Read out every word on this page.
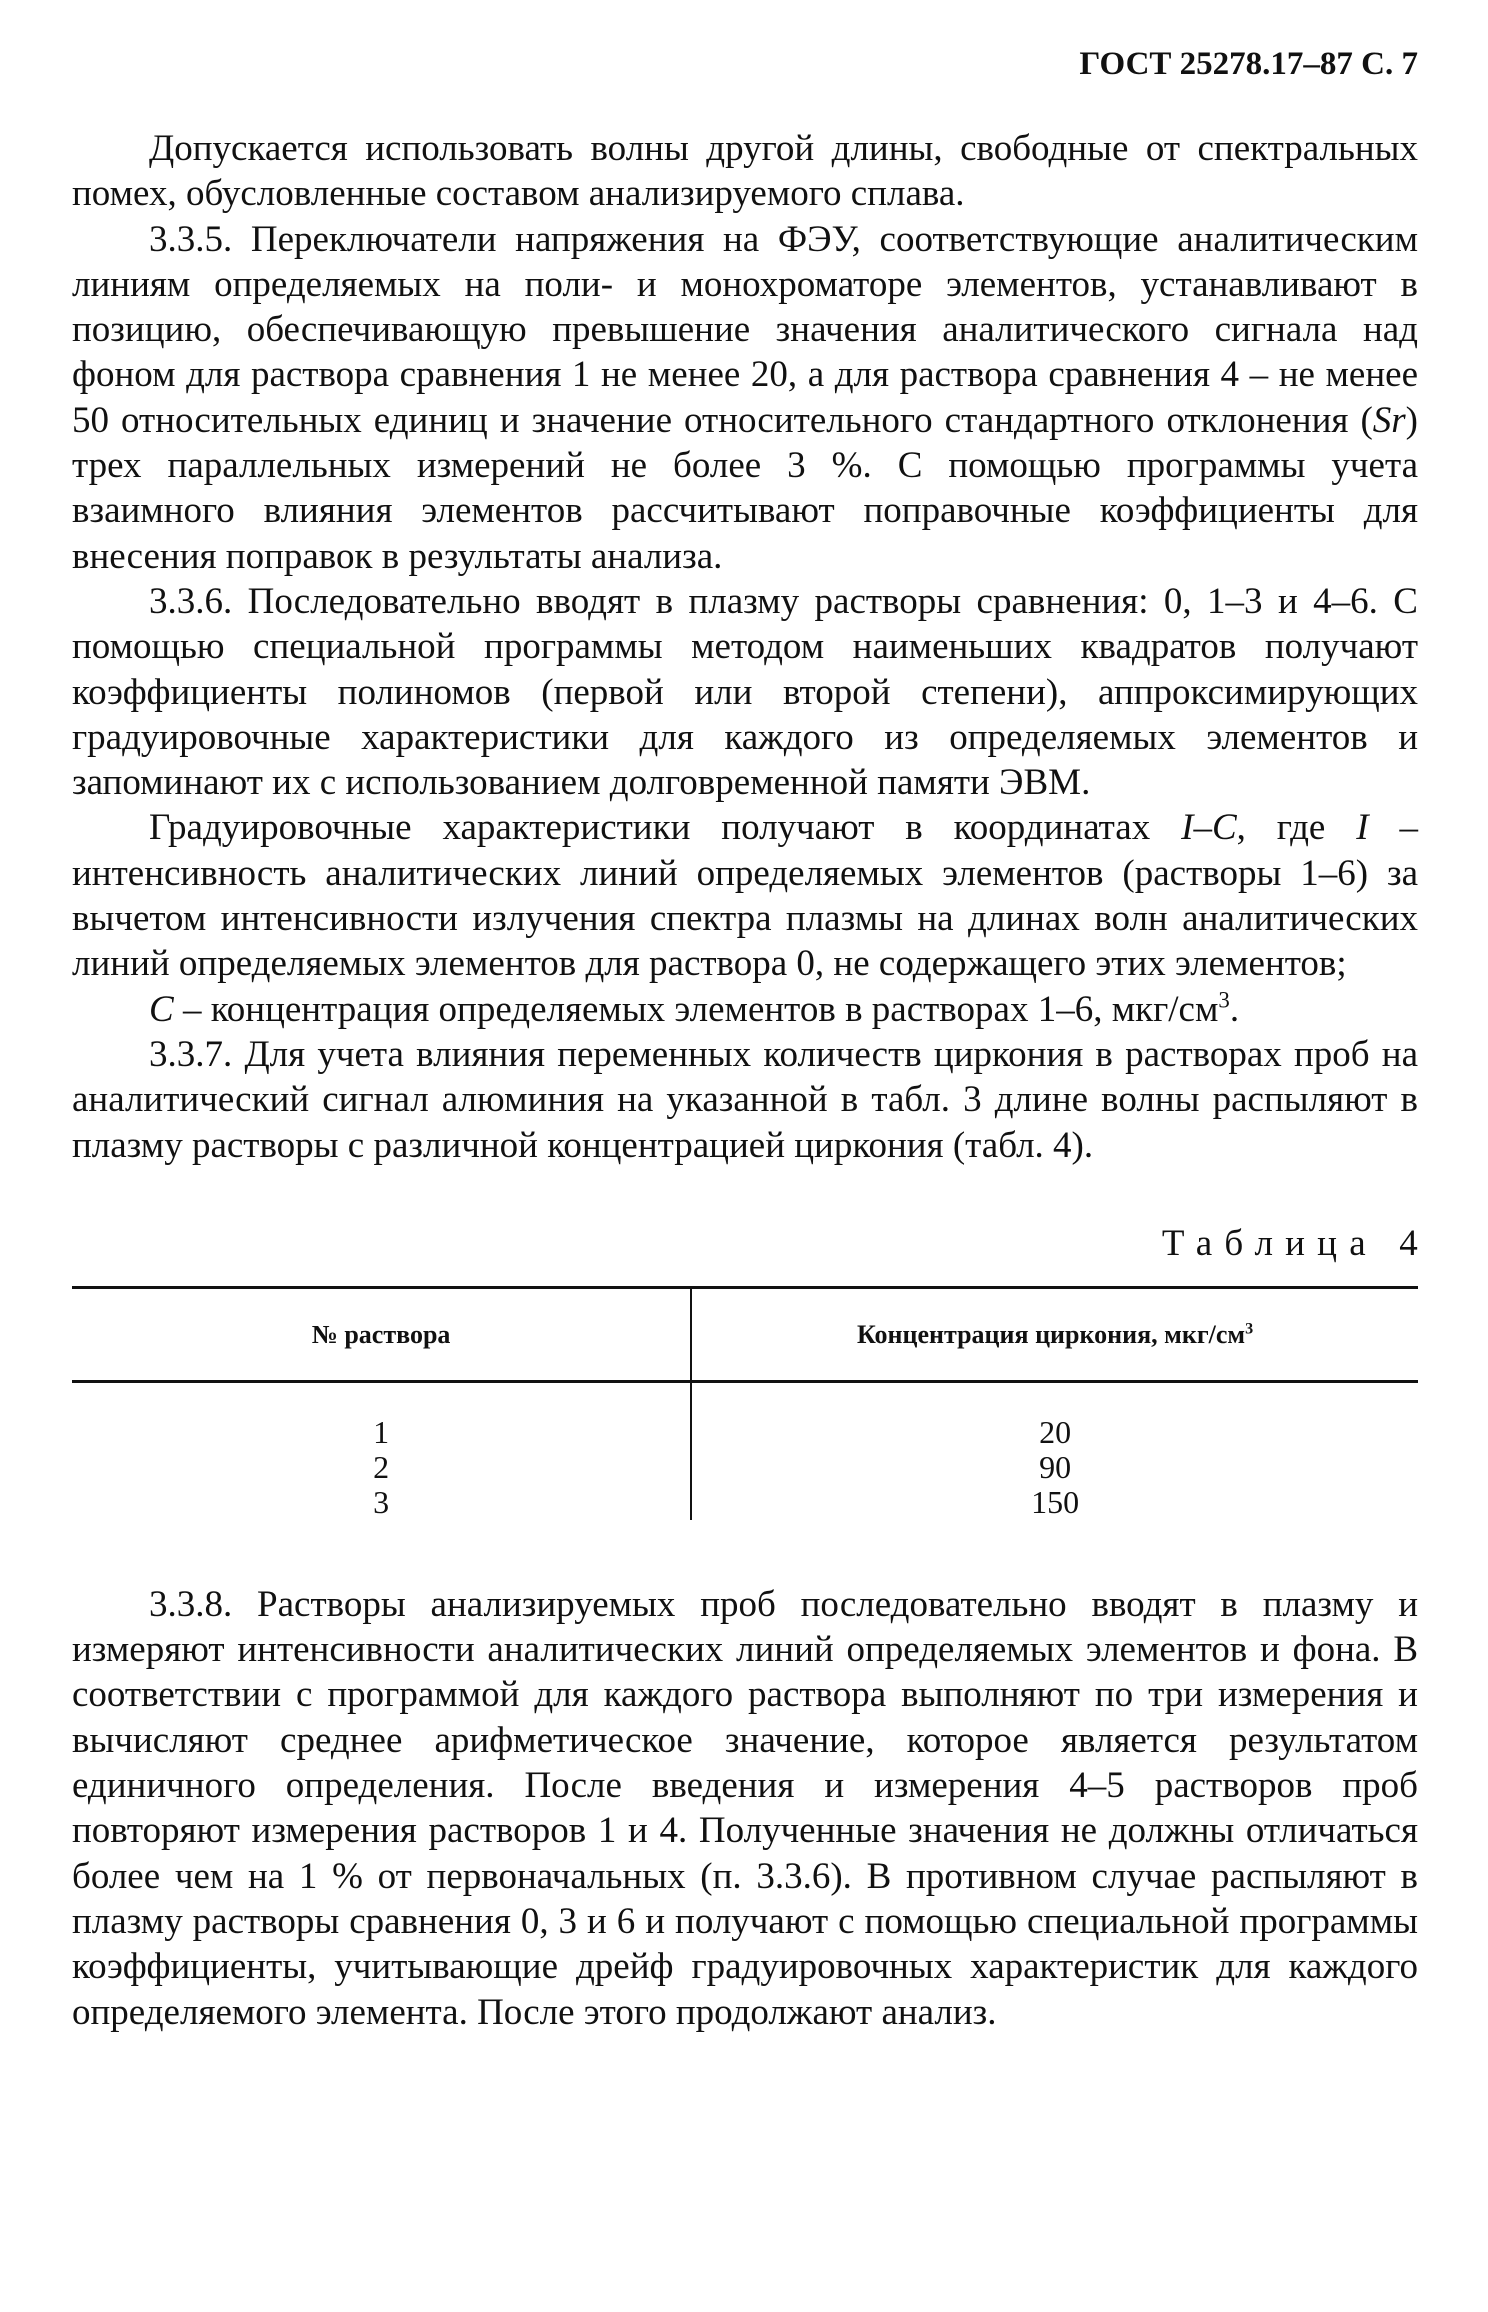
ГОСТ 25278.17–87 С. 7

Допускается использовать волны другой длины, свободные от спектральных помех, обусловленные составом анализируемого сплава.

3.3.5. Переключатели напряжения на ФЭУ, соответствующие аналитическим линиям определяемых на поли- и монохроматоре элементов, устанавливают в позицию, обеспечивающую превышение значения аналитического сигнала над фоном для раствора сравнения 1 не менее 20, а для раствора сравнения 4 – не менее 50 относительных единиц и значение относительного стандартного отклонения (Sr) трех параллельных измерений не более 3 %. С помощью программы учета взаимного влияния элементов рассчитывают поправочные коэффициенты для внесения поправок в результаты анализа.

3.3.6. Последовательно вводят в плазму растворы сравнения: 0, 1–3 и 4–6. С помощью специальной программы методом наименьших квадратов получают коэффициенты полиномов (первой или второй степени), аппроксимирующих градуировочные характеристики для каждого из определяемых элементов и запоминают их с использованием долговременной памяти ЭВМ.

Градуировочные характеристики получают в координатах I–C, где I – интенсивность аналитических линий определяемых элементов (растворы 1–6) за вычетом интенсивности излучения спектра плазмы на длинах волн аналитических линий определяемых элементов для раствора 0, не содержащего этих элементов;

C – концентрация определяемых элементов в растворах 1–6, мкг/$см^3$.

3.3.7. Для учета влияния переменных количеств циркония в растворах проб на аналитический сигнал алюминия на указанной в табл. 3 длине волны распыляют в плазму растворы с различной концентрацией циркония (табл. 4).

Таблица 4
№ раствора	Концентрация циркония, мкг/$см^3$
1	20
2	90
3	150

3.3.8. Растворы анализируемых проб последовательно вводят в плазму и измеряют интенсивности аналитических линий определяемых элементов и фона. В соответствии с программой для каждого раствора выполняют по три измерения и вычисляют среднее арифметическое значение, которое является результатом единичного определения. После введения и измерения 4–5 растворов проб повторяют измерения растворов 1 и 4. Полученные значения не должны отличаться более чем на 1 % от первоначальных (п. 3.3.6). В противном случае распыляют в плазму растворы сравнения 0, 3 и 6 и получают с помощью специальной программы коэффициенты, учитывающие дрейф градуировочных характеристик для каждого определяемого элемента. После этого продолжают анализ.
